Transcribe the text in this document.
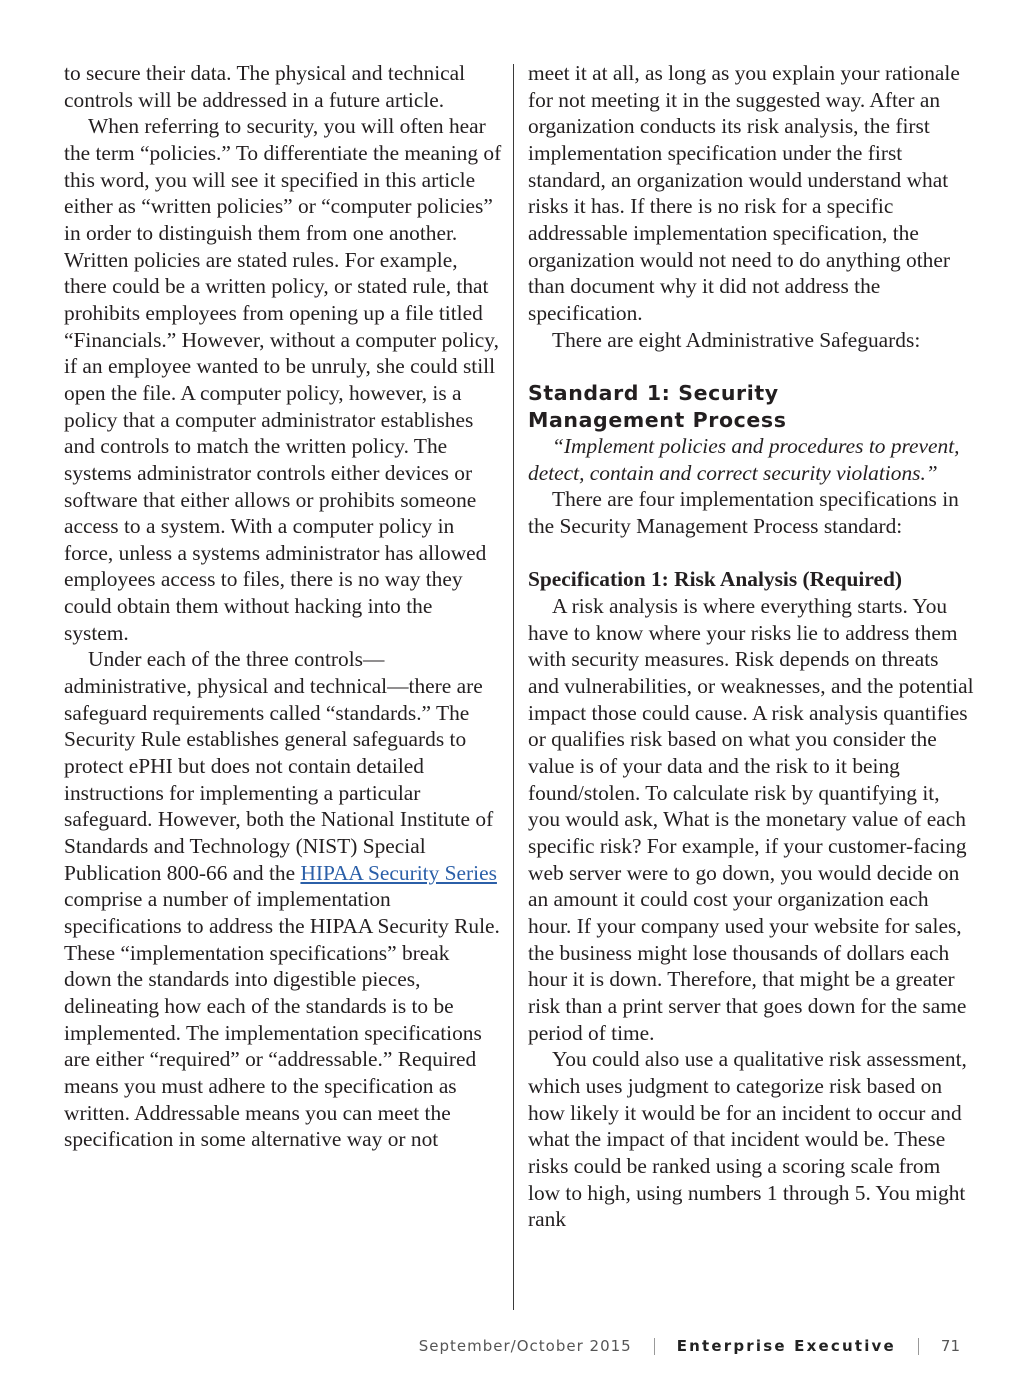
to secure their data. The physical and technical controls will be addressed in a future article.

When referring to security, you will often hear the term “policies.” To differentiate the meaning of this word, you will see it specified in this article either as “written policies” or “computer policies” in order to distinguish them from one another. Written policies are stated rules. For example, there could be a written policy, or stated rule, that prohibits employees from opening up a file titled “Financials.” However, without a computer policy, if an employee wanted to be unruly, she could still open the file. A computer policy, however, is a policy that a computer administrator establishes and controls to match the written policy. The systems administrator controls either devices or software that either allows or prohibits someone access to a system. With a computer policy in force, unless a systems administrator has allowed employees access to files, there is no way they could obtain them without hacking into the system.

Under each of the three controls—administrative, physical and technical—there are safeguard requirements called “standards.” The Security Rule establishes general safeguards to protect ePHI but does not contain detailed instructions for implementing a particular safeguard. However, both the National Institute of Standards and Technology (NIST) Special Publication 800-66 and the HIPAA Security Series comprise a number of implementation specifications to address the HIPAA Security Rule. These “implementation specifications” break down the standards into digestible pieces, delineating how each of the standards is to be implemented. The implementation specifications are either “required” or “addressable.” Required means you must adhere to the specification as written. Addressable means you can meet the specification in some alternative way or not

meet it at all, as long as you explain your rationale for not meeting it in the suggested way. After an organization conducts its risk analysis, the first implementation specification under the first standard, an organization would understand what risks it has. If there is no risk for a specific addressable implementation specification, the organization would not need to do anything other than document why it did not address the specification.

There are eight Administrative Safeguards:

Standard 1: Security
Management Process

“Implement policies and procedures to prevent, detect, contain and correct security violations.”

There are four implementation specifications in the Security Management Process standard:

Specification 1: Risk Analysis (Required)

A risk analysis is where everything starts. You have to know where your risks lie to address them with security measures. Risk depends on threats and vulnerabilities, or weaknesses, and the potential impact those could cause. A risk analysis quantifies or qualifies risk based on what you consider the value is of your data and the risk to it being found/stolen. To calculate risk by quantifying it, you would ask, What is the monetary value of each specific risk? For example, if your customer-facing web server were to go down, you would decide on an amount it could cost your organization each hour. If your company used your website for sales, the business might lose thousands of dollars each hour it is down. Therefore, that might be a greater risk than a print server that goes down for the same period of time.

You could also use a qualitative risk assessment, which uses judgment to categorize risk based on how likely it would be for an incident to occur and what the impact of that incident would be. These risks could be ranked using a scoring scale from low to high, using numbers 1 through 5. You might rank

September/October 2015	Enterprise Executive	71
